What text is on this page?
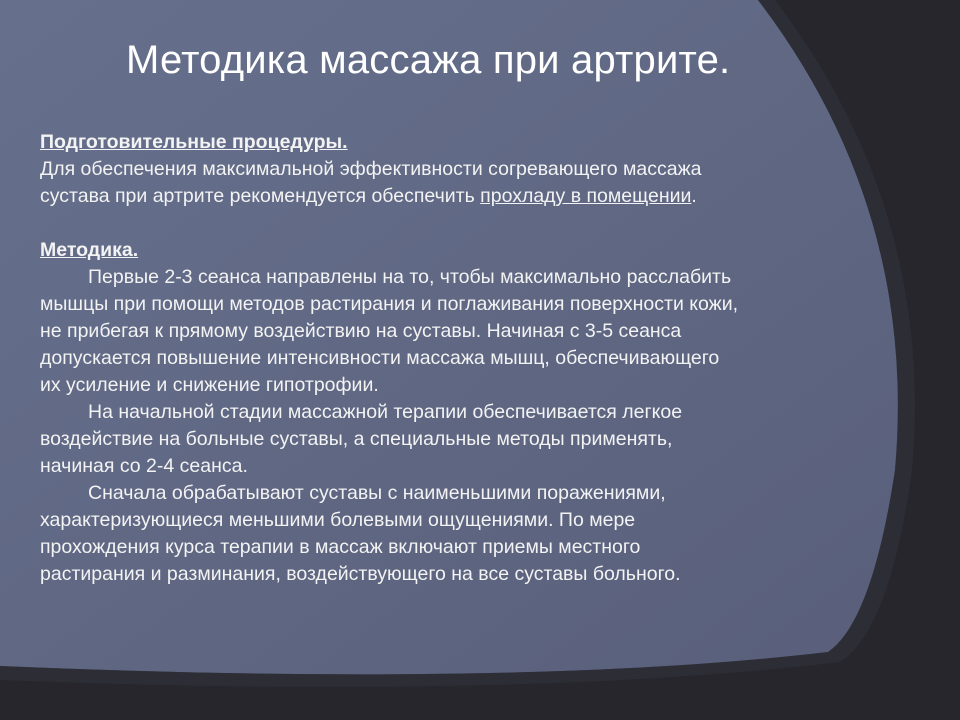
Методика массажа при артрите.
Подготовительные процедуры.
Для обеспечения максимальной эффективности согревающего массажа
сустава при артрите рекомендуется обеспечить прохладу в помещении.
Методика.
Первые 2-3 сеанса направлены на то, чтобы максимально расслабить
мышцы при помощи методов растирания и поглаживания поверхности кожи,
не прибегая к прямому воздействию на суставы. Начиная с 3-5 сеанса
допускается повышение интенсивности массажа мышц, обеспечивающего
их усиление и снижение гипотрофии.
На начальной стадии массажной терапии обеспечивается легкое
воздействие на больные суставы, а специальные методы применять,
начиная со 2-4 сеанса.
Сначала обрабатывают суставы с наименьшими поражениями,
характеризующиеся меньшими болевыми ощущениями. По мере
прохождения курса терапии в массаж включают приемы местного
растирания и разминания, воздействующего на все суставы больного.
